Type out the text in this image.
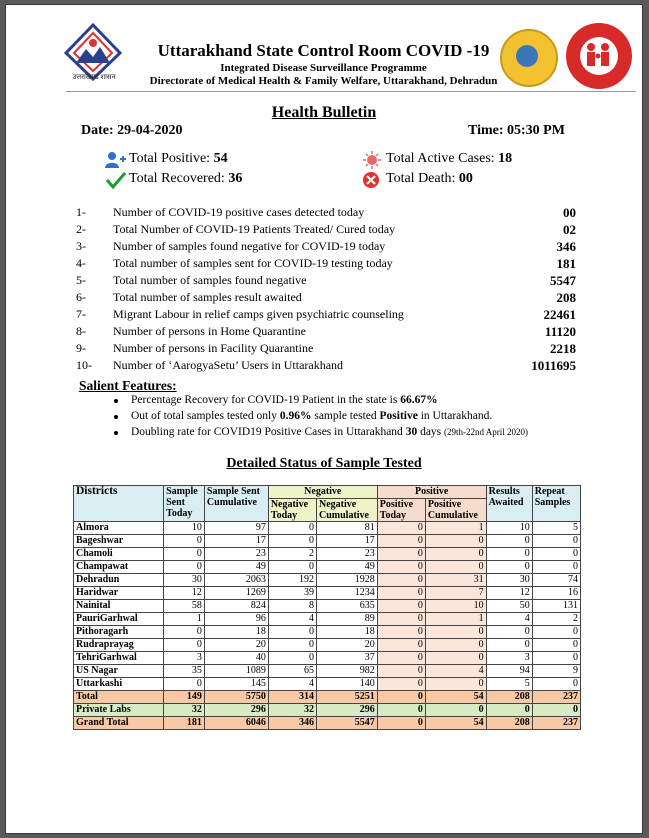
उत्तराखण्ड शासन
Uttarakhand State Control Room COVID -19
Integrated Disease Surveillance Programme
Directorate of Medical Health & Family Welfare, Uttarakhand, Dehradun
Health Bulletin
Date: 29-04-2020	Time: 05:30 PM
Total Positive: 54
Total Recovered: 36
Total Active Cases: 18
Total Death: 00
1-	Number of COVID-19 positive cases detected today	00
2-	Total Number of COVID-19 Patients Treated/ Cured today	02
3-	Number of samples found negative for COVID-19 today	346
4-	Total number of samples sent for COVID-19 testing today	181
5-	Total number of samples found negative	5547
6-	Total number of samples result awaited	208
7-	Migrant Labour in relief camps given psychiatric counseling	22461
8-	Number of persons in Home Quarantine	11120
9-	Number of persons in Facility Quarantine	2218
10-	Number of ‘AarogyaSetu’ Users in Uttarakhand	1011695
Salient Features:
Percentage Recovery for COVID-19 Patient in the state is 66.67%
Out of total samples tested only 0.96% sample tested Positive in Uttarakhand.
Doubling rate for COVID19 Positive Cases in Uttarakhand 30 days (29th-22nd April 2020)
Detailed Status of Sample Tested
Districts	Sample Sent Today	Sample Sent Cumulative	Negative		Positive		Results Awaited	Repeat Samples
			Negative Today	Negative Cumulative	Positive Today	Positive Cumulative		
Almora	10	97	0	81	0	1	10	5
Bageshwar	0	17	0	17	0	0	0	0
Chamoli	0	23	2	23	0	0	0	0
Champawat	0	49	0	49	0	0	0	0
Dehradun	30	2063	192	1928	0	31	30	74
Haridwar	12	1269	39	1234	0	7	12	16
Nainital	58	824	8	635	0	10	50	131
PauriGarhwal	1	96	4	89	0	1	4	2
Pithoragarh	0	18	0	18	0	0	0	0
Rudraprayag	0	20	0	20	0	0	0	0
TehriGarhwal	3	40	0	37	0	0	3	0
US Nagar	35	1089	65	982	0	4	94	9
Uttarkashi	0	145	4	140	0	0	5	0
Total	149	5750	314	5251	0	54	208	237
Private Labs	32	296	32	296	0	0	0	0
Grand Total	181	6046	346	5547	0	54	208	237
